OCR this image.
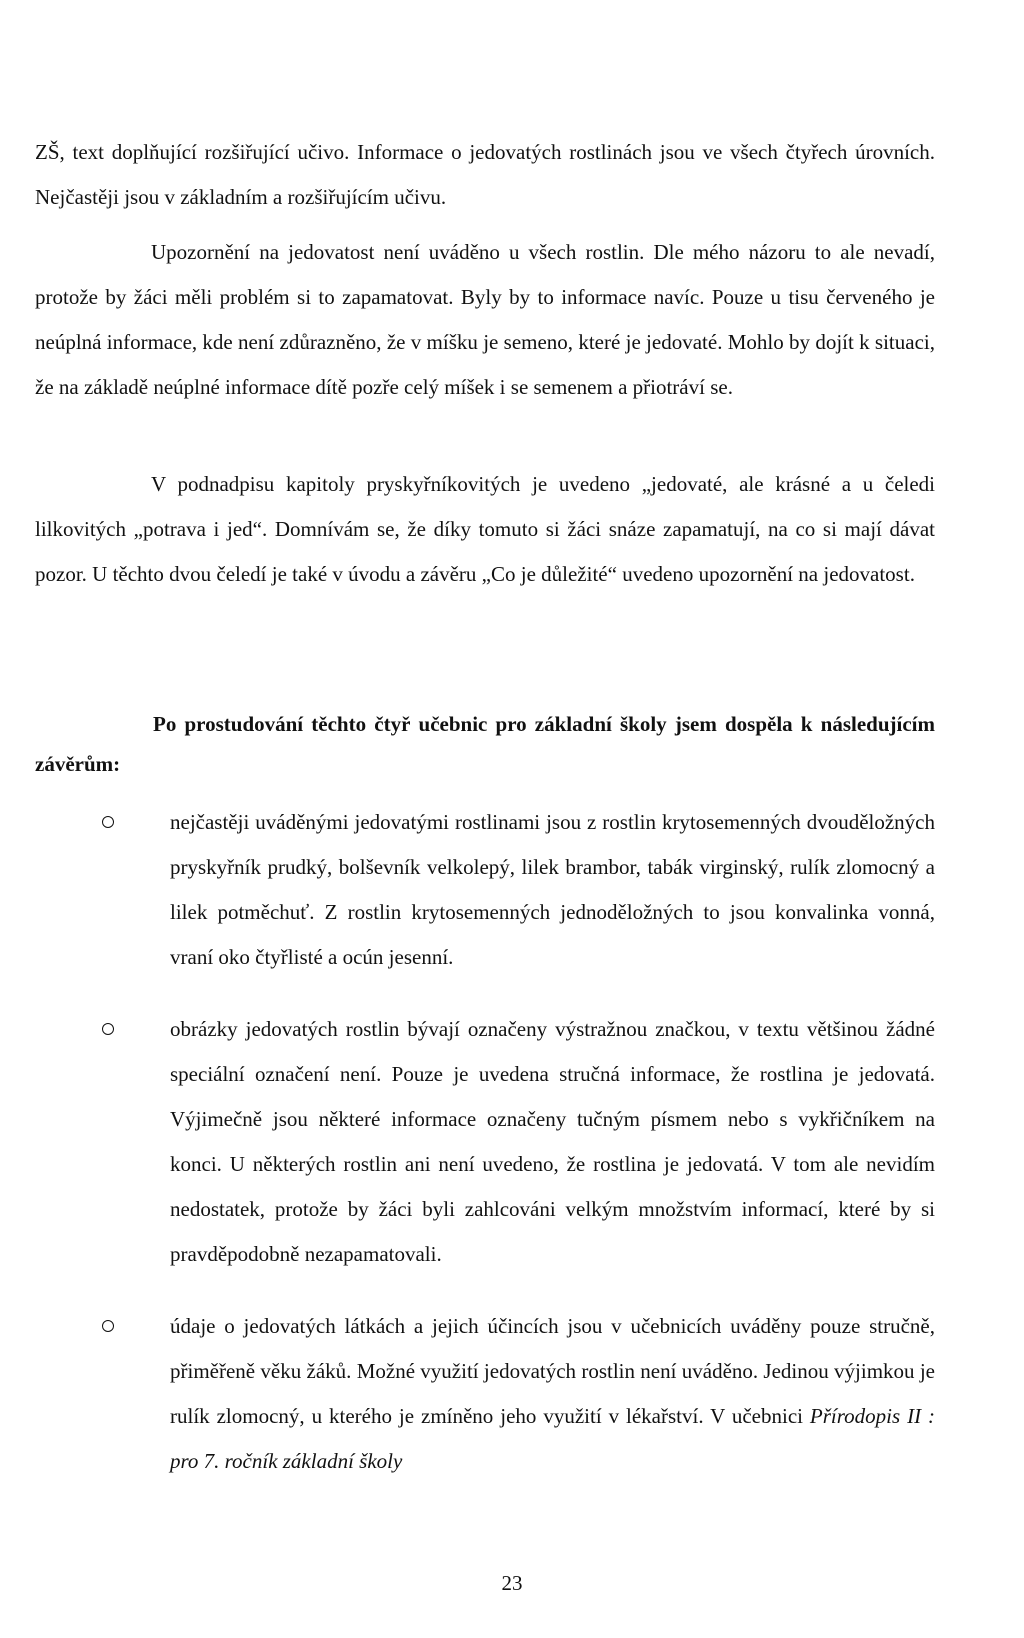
ZŠ, text doplňující rozšiřující učivo. Informace o jedovatých rostlinách jsou ve všech čtyřech úrovních. Nejčastěji jsou v základním a rozšiřujícím učivu.

Upozornění na jedovatost není uváděno u všech rostlin. Dle mého názoru to ale nevadí, protože by žáci měli problém si to zapamatovat. Byly by to informace navíc. Pouze u tisu červeného je neúplná informace, kde není zdůrazněno, že v míšku je semeno, které je jedovaté. Mohlo by dojít k situaci, že na základě neúplné informace dítě pozře celý míšek i se semenem a přiotráví se.

V podnadpisu kapitoly pryskyřníkovitých je uvedeno „jedovaté, ale krásné a u čeledi lilkovitých „potrava i jed“. Domnívám se, že díky tomuto si žáci snáze zapamatují, na co si mají dávat pozor. U těchto dvou čeledí je také v úvodu a závěru „Co je důležité“ uvedeno upozornění na jedovatost.

Po prostudování těchto čtyř učebnic pro základní školy jsem dospěla k následujícím závěrům:

nejčastěji uváděnými jedovatými rostlinami jsou z rostlin krytosemenných dvouděložných pryskyřník prudký, bolševník velkolepý, lilek brambor, tabák virginský, rulík zlomocný a lilek potměchuť. Z rostlin krytosemenných jednoděložných to jsou konvalinka vonná, vraní oko čtyřlisté a ocún jesenní.
obrázky jedovatých rostlin bývají označeny výstražnou značkou, v textu většinou žádné speciální označení není. Pouze je uvedena stručná informace, že rostlina je jedovatá. Výjimečně jsou některé informace označeny tučným písmem nebo s vykřičníkem na konci. U některých rostlin ani není uvedeno, že rostlina je jedovatá. V tom ale nevidím nedostatek, protože by žáci byli zahlcováni velkým množstvím informací, které by si pravděpodobně nezapamatovali.
údaje o jedovatých látkách a jejich účincích jsou v učebnicích uváděny pouze stručně, přiměřeně věku žáků. Možné využití jedovatých rostlin není uváděno. Jedinou výjimkou je rulík zlomocný, u kterého je zmíněno jeho využití v lékařství. V učebnici Přírodopis II : pro 7. ročník základní školy
23
